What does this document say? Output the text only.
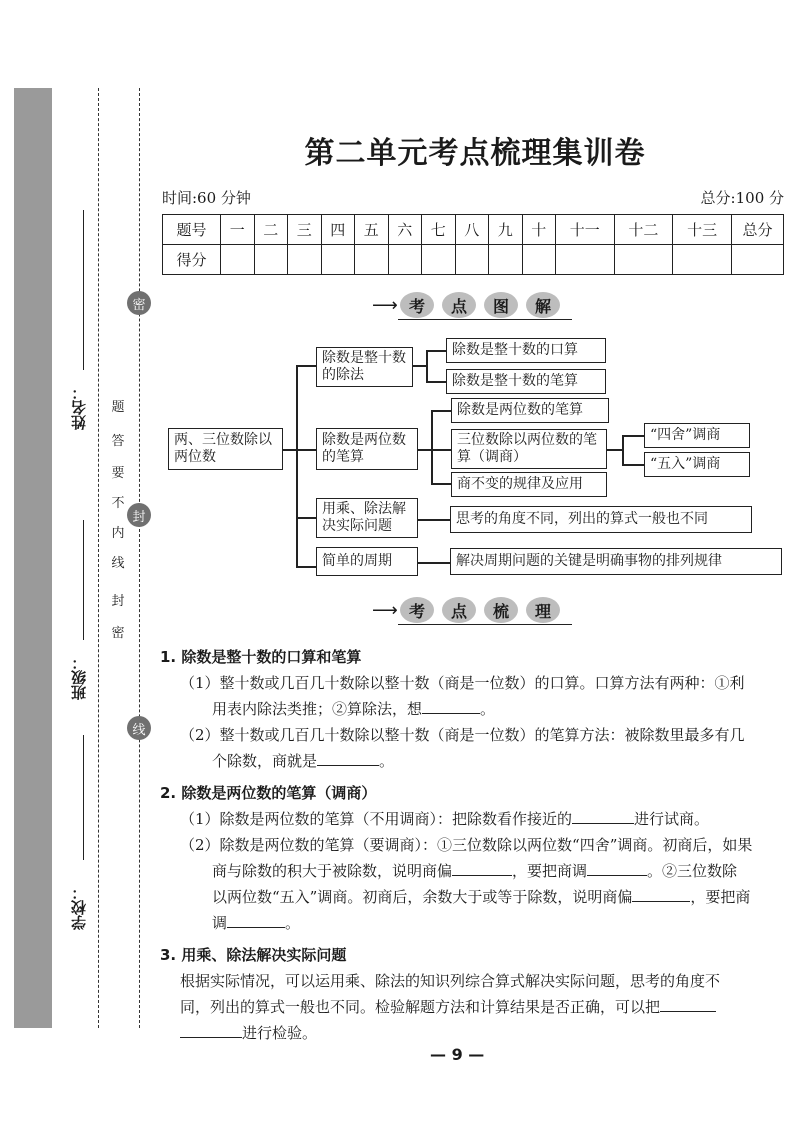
姓名：
班级：
学校：
密
封
线
题
答
要
不
内
线
封
密
第二单元考点梳理集训卷
时间:60 分钟	总分:100 分
题号	一	二	三	四	五	六	七	八	九	十	十一	十二	十三	总分
得分														
⟶ 考	点	图	解
两、三位数除以两位数
除数是整十数的除法
除数是整十数的口算
除数是整十数的笔算
除数是两位数的笔算
除数是两位数的笔算
三位数除以两位数的笔算（调商）
商不变的规律及应用
“四舍”调商
“五入”调商
用乘、除法解决实际问题	思考的角度不同，列出的算式一般也不同
简单的周期	解决周期问题的关键是明确事物的排列规律
⟶ 考	点	梳	理
1. 除数是整十数的口算和笔算
（1）整十数或几百几十数除以整十数（商是一位数）的口算。口算方法有两种：①利
用表内除法类推；②算除法，想	。
（2）整十数或几百几十数除以整十数（商是一位数）的笔算方法：被除数里最多有几
个除数，商就是	。
2. 除数是两位数的笔算（调商）
（1）除数是两位数的笔算（不用调商）：把除数看作接近的	进行试商。
（2）除数是两位数的笔算（要调商）：①三位数除以两位数“四舍”调商。初商后，如果
商与除数的积大于被除数，说明商偏	，要把商调	。②三位数除
以两位数“五入”调商。初商后，余数大于或等于除数，说明商偏	，要把商
调	。
3. 用乘、除法解决实际问题
根据实际情况，可以运用乘、除法的知识列综合算式解决实际问题，思考的角度不
同，列出的算式一般也不同。检验解题方法和计算结果是否正确，可以把
进行检验。
— 9 —
